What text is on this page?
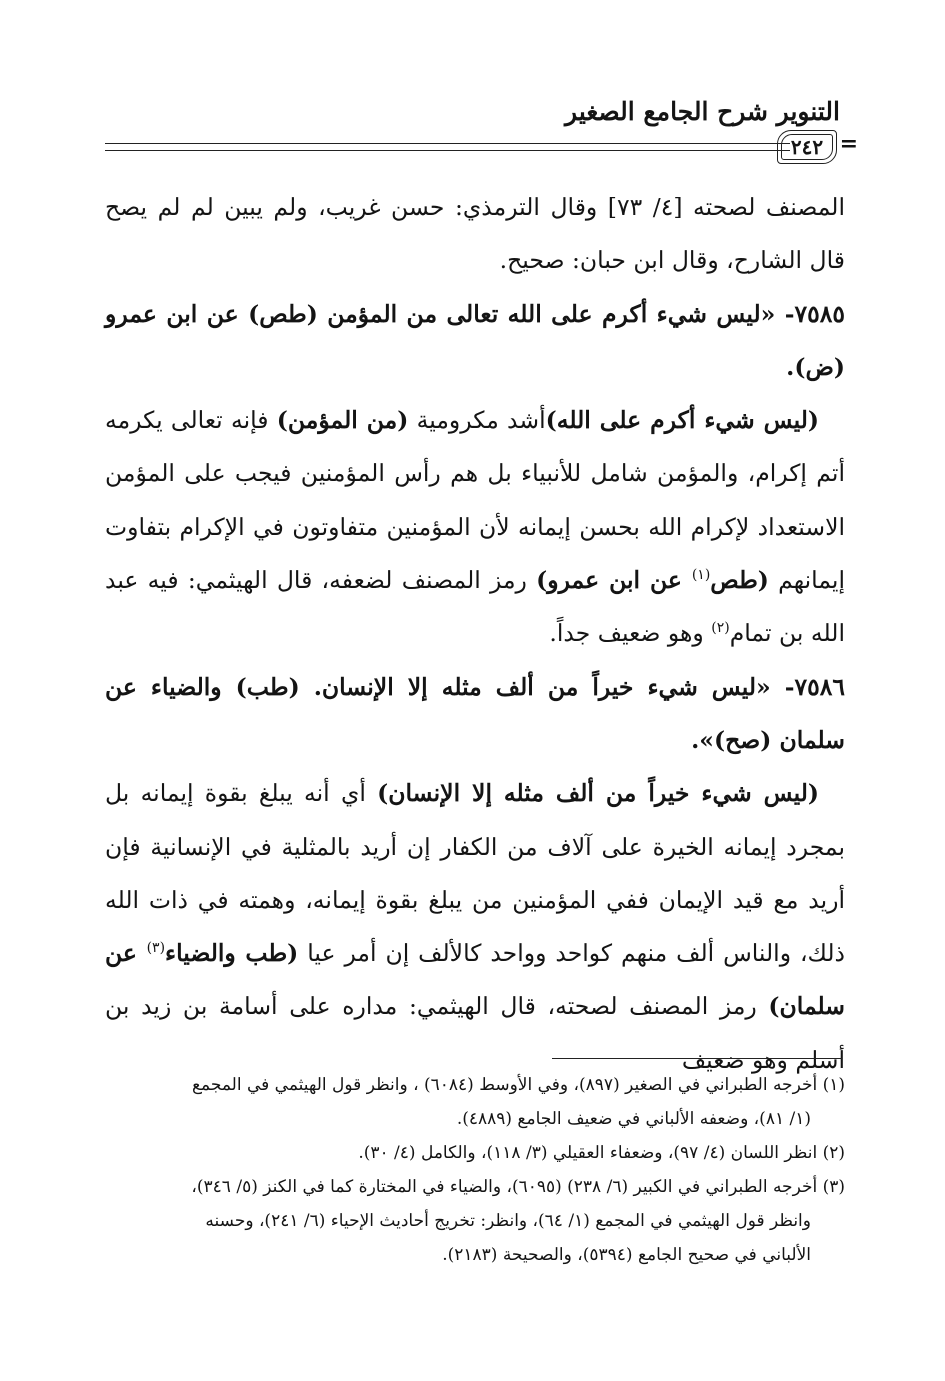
التنوير شرح الجامع الصغير
٢٤٢ =

المصنف لصحته [٤/ ٧٣] وقال الترمذي: حسن غريب، ولم يبين لم لم يصح قال الشارح، وقال ابن حبان: صحيح.

٧٥٨٥- «ليس شيء أكرم على الله تعالى من المؤمن (طص) عن ابن عمرو (ض).

(ليس شيء أكرم على الله)أشد مكرومية (من المؤمن) فإنه تعالى يكرمه أتم إكرام، والمؤمن شامل للأنبياء بل هم رأس المؤمنين فيجب على المؤمن الاستعداد لإكرام الله بحسن إيمانه لأن المؤمنين متفاوتون في الإكرام بتفاوت إيمانهم (طص$^{(١)}$ عن ابن عمرو) رمز المصنف لضعفه، قال الهيثمي: فيه عبد الله بن تمام$^{(٢)}$ وهو ضعيف جداً.

٧٥٨٦- «ليس شيء خيراً من ألف مثله إلا الإنسان. (طب) والضياء عن سلمان (صح)».

(ليس شيء خيراً من ألف مثله إلا الإنسان) أي أنه يبلغ بقوة إيمانه بل بمجرد إيمانه الخيرة على آلاف من الكفار إن أريد بالمثلية في الإنسانية فإن أريد مع قيد الإيمان ففي المؤمنين من يبلغ بقوة إيمانه، وهمته في ذات الله ذلك، والناس ألف منهم كواحد وواحد كالألف إن أمر عيا (طب والضياء$^{(٣)}$ عن سلمان) رمز المصنف لصحته، قال الهيثمي: مداره على أسامة بن زيد بن أسلم وهو ضعيف

(١) أخرجه الطبراني في الصغير (٨٩٧)، وفي الأوسط (٦٠٨٤) ، وانظر قول الهيثمي في المجمع

(١/ ٨١)، وضعفه الألباني في ضعيف الجامع (٤٨٨٩).

(٢) انظر اللسان (٤/ ٩٧)، وضعفاء العقيلي (٣/ ١١٨)، والكامل (٤/ ٣٠).

(٣) أخرجه الطبراني في الكبير (٦/ ٢٣٨) (٦٠٩٥)، والضياء في المختارة كما في الكنز (٥/ ٣٤٦)،

وانظر قول الهيثمي في المجمع (١/ ٦٤)، وانظر: تخريج أحاديث الإحياء (٦/ ٢٤١)، وحسنه

الألباني في صحيح الجامع (٥٣٩٤)، والصحيحة (٢١٨٣).
